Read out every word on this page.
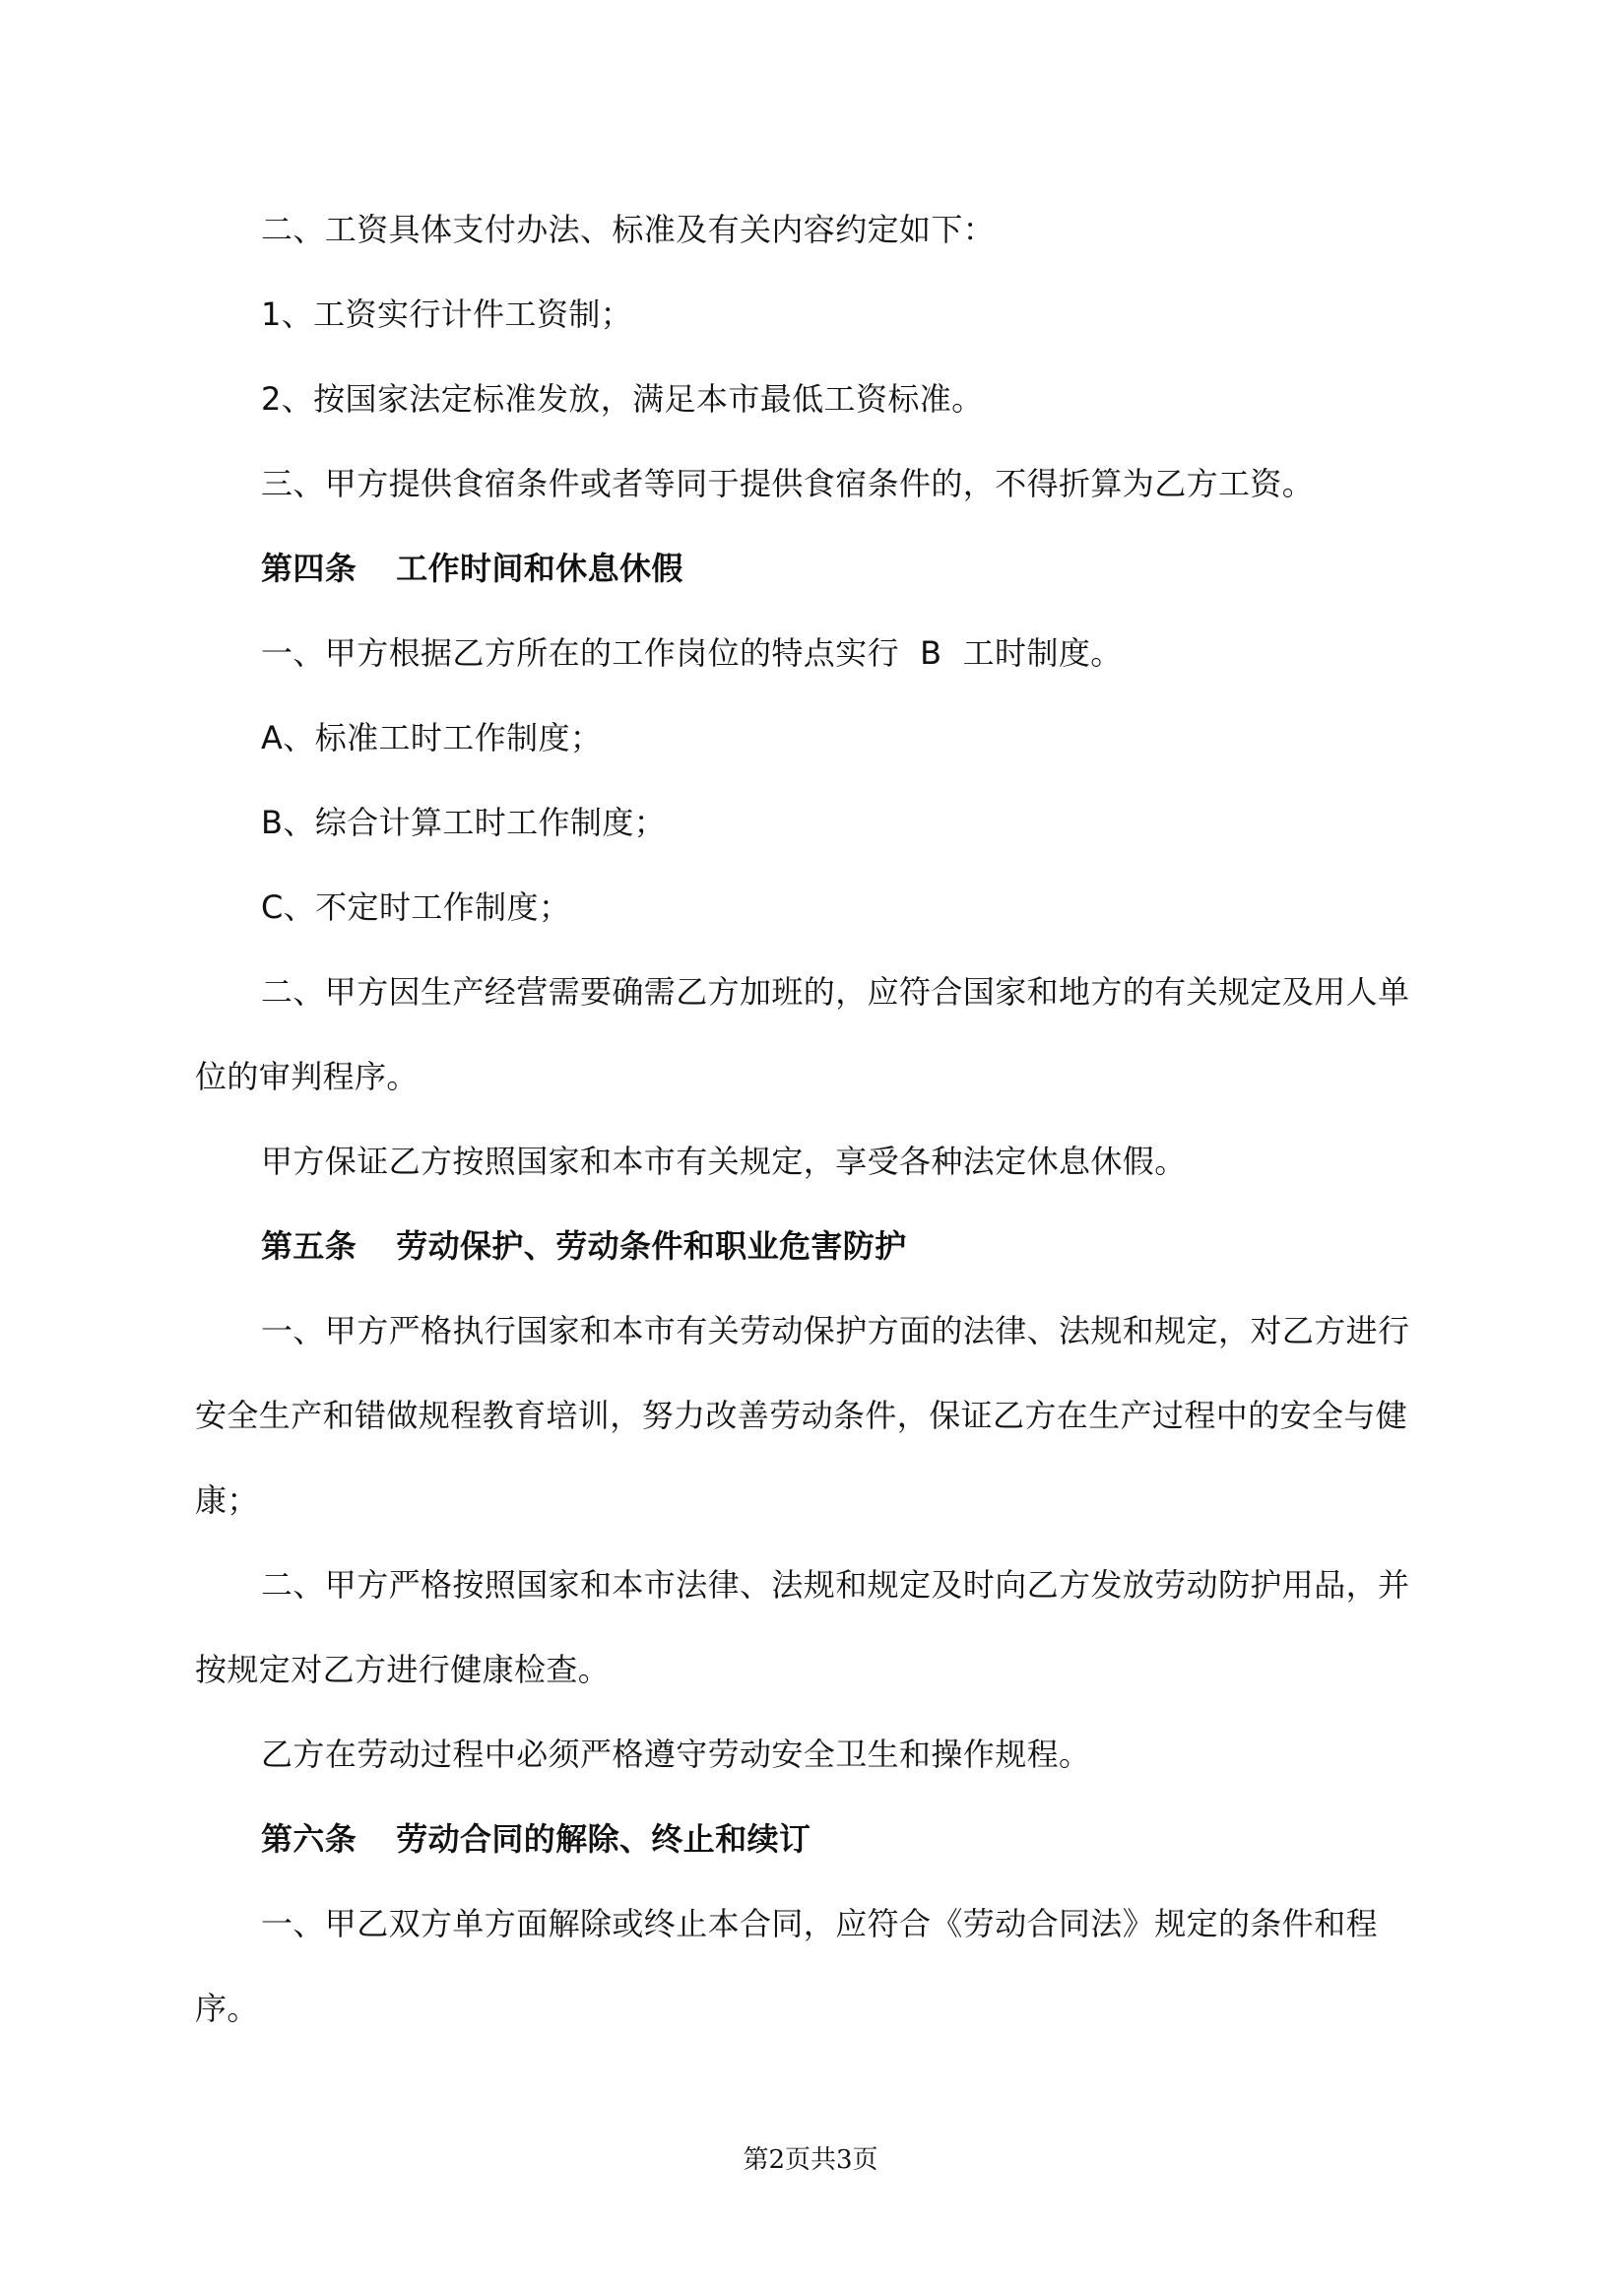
二、工资具体支付办法、标准及有关内容约定如下：

1、工资实行计件工资制；

2、按国家法定标准发放，满足本市最低工资标准。

三、甲方提供食宿条件或者等同于提供食宿条件的，不得折算为乙方工资。

第四条 工作时间和休息休假

一、甲方根据乙方所在的工作岗位的特点实行  B  工时制度。

A、标准工时工作制度；

B、综合计算工时工作制度；

C、不定时工作制度；

二、甲方因生产经营需要确需乙方加班的，应符合国家和地方的有关规定及用人单位的审判程序。

甲方保证乙方按照国家和本市有关规定，享受各种法定休息休假。

第五条 劳动保护、劳动条件和职业危害防护

一、甲方严格执行国家和本市有关劳动保护方面的法律、法规和规定，对乙方进行安全生产和错做规程教育培训，努力改善劳动条件，保证乙方在生产过程中的安全与健康；

二、甲方严格按照国家和本市法律、法规和规定及时向乙方发放劳动防护用品，并按规定对乙方进行健康检查。

乙方在劳动过程中必须严格遵守劳动安全卫生和操作规程。

第六条 劳动合同的解除、终止和续订

一、甲乙双方单方面解除或终止本合同，应符合《劳动合同法》规定的条件和程序。

第2页共3页
